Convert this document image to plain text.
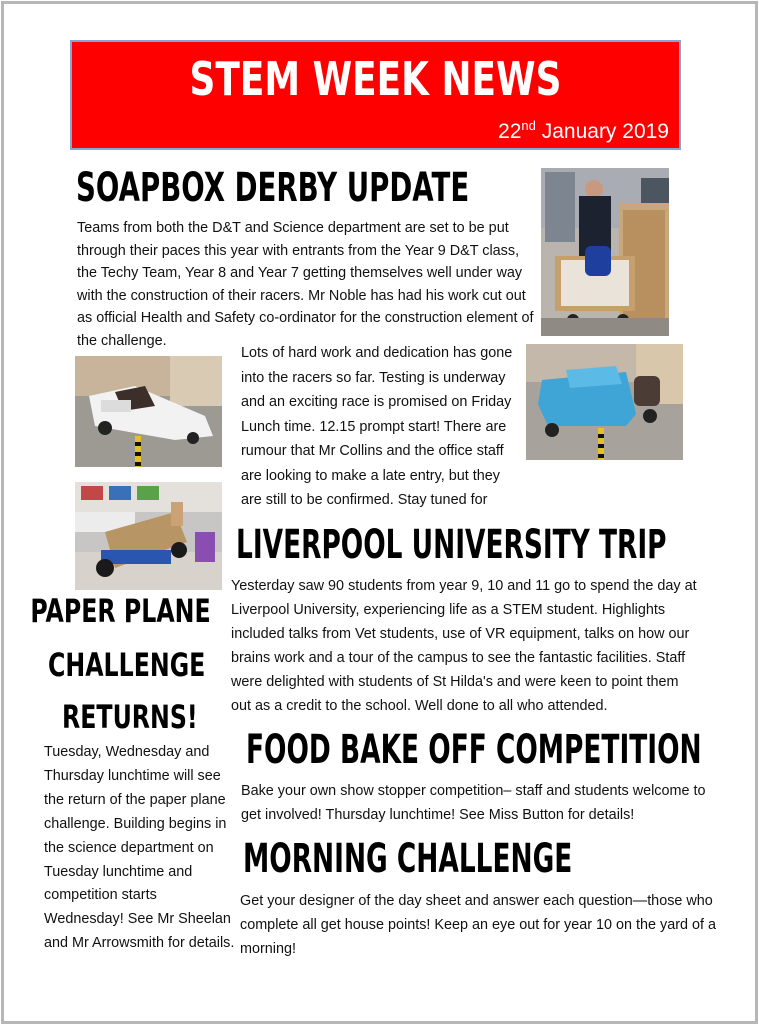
STEM WEEK NEWS
22nd January 2019
SOAPBOX DERBY UPDATE
Teams from both the D&T and Science department are set to be put through their paces this year with entrants from the Year 9 D&T class, the Techy Team, Year 8 and Year 7 getting themselves well under way with the construction of their racers. Mr Noble has had his work cut out as official Health and Safety co-ordinator for the construction element of the challenge.
Lots of hard work and dedication has gone into the racers so far. Testing is underway and an exciting race is promised on Friday Lunch time. 12.15 prompt start! There are rumour that Mr Collins and the office staff are looking to make a late entry, but they are still to be confirmed. Stay tuned for
LIVERPOOL UNIVERSITY TRIP
Yesterday saw 90 students from year 9, 10 and 11 go to spend the day at Liverpool University, experiencing life as a STEM student. Highlights included talks from Vet students, use of VR equipment, talks on how our brains work and a tour of the campus to see the fantastic facilities. Staff were delighted with students of St Hilda's and were keen to point them out as a credit to the school. Well done to all who attended.
PAPER PLANE
CHALLENGE
RETURNS!
Tuesday, Wednesday and Thursday lunchtime will see the return of the paper plane challenge. Building begins in the science department on Tuesday lunchtime and competition starts Wednesday! See Mr Sheelan and Mr Arrowsmith for details.
FOOD BAKE OFF COMPETITION
Bake your own show stopper competition– staff and students welcome to get involved! Thursday lunchtime! See Miss Button for details!
MORNING CHALLENGE
Get your designer of the day sheet and answer each question—those who complete all get house points! Keep an eye out for year 10 on the yard of a morning!
